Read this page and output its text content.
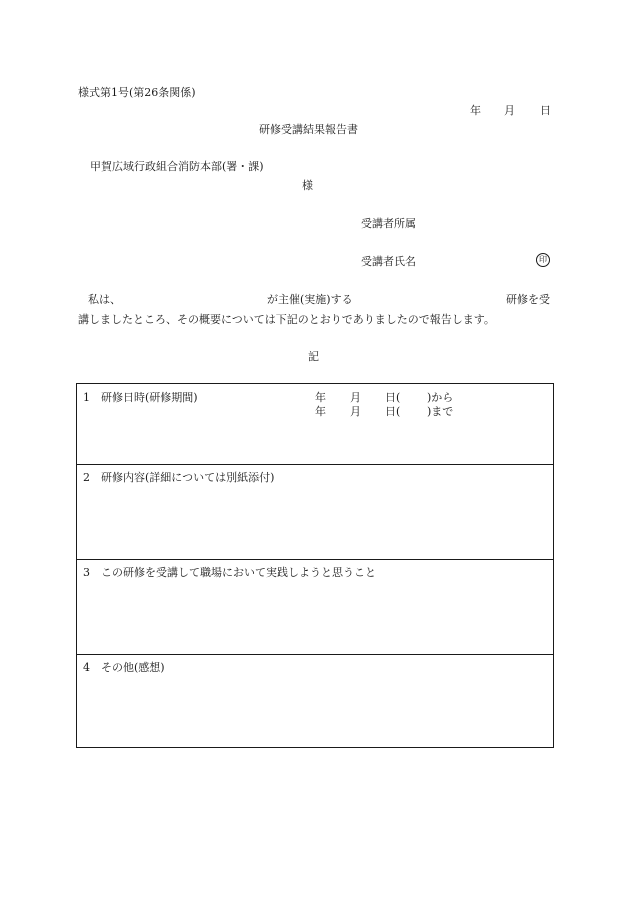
様式第1号(第26条関係)
年 月 日
研修受講結果報告書
甲賀広域行政組合消防本部(署・課)
様
受講者所属
受講者氏名	印
私は、	が主催(実施)する	研修を受
講しましたところ、その概要については下記のとおりでありましたので報告します。
記
1 研修日時(研修期間)	年 月 日( )から
年 月 日( )まで
2 研修内容(詳細については別紙添付)
3 この研修を受講して職場において実践しようと思うこと
4 その他(感想)
